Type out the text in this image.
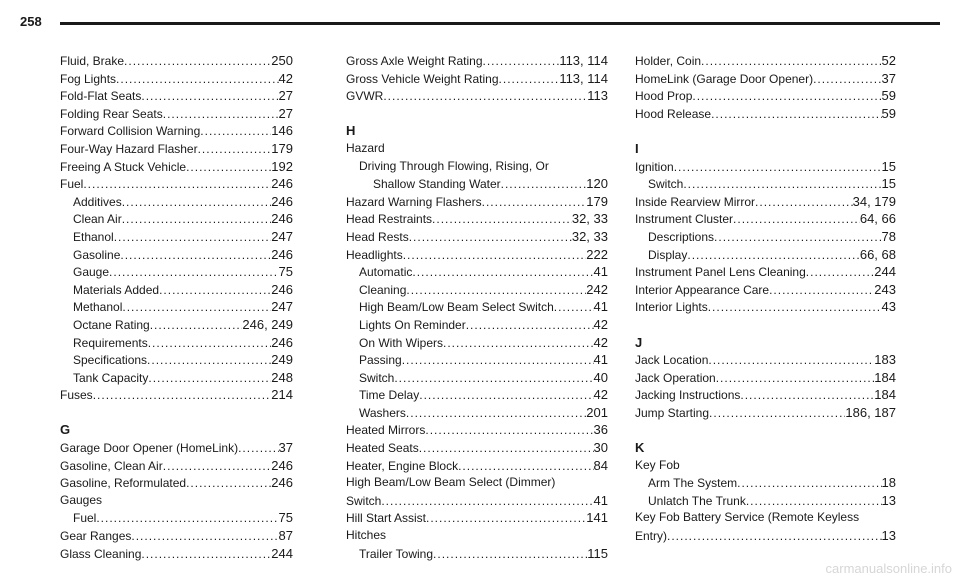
258
Fluid, Brake .....	250
Fog Lights .....	42
Fold-Flat Seats .....	27
Folding Rear Seats .....	27
Forward Collision Warning .....	146
Four-Way Hazard Flasher .....	179
Freeing A Stuck Vehicle .....	192
Fuel .....	246
Additives .....	246
Clean Air .....	246
Ethanol .....	247
Gasoline .....	246
Gauge .....	75
Materials Added .....	246
Methanol .....	247
Octane Rating .....	246, 249
Requirements .....	246
Specifications .....	249
Tank Capacity .....	248
Fuses .....	214
G
Garage Door Opener (HomeLink) .....	37
Gasoline, Clean Air .....	246
Gasoline, Reformulated .....	246
Gauges
Fuel .....	75
Gear Ranges .....	87
Glass Cleaning .....	244
Gross Axle Weight Rating .....	113, 114
Gross Vehicle Weight Rating .....	113, 114
GVWR .....	113
H
Hazard
Driving Through Flowing, Rising, Or
Shallow Standing Water .....	120
Hazard Warning Flashers .....	179
Head Restraints .....	32, 33
Head Rests .....	32, 33
Headlights .....	222
Automatic .....	41
Cleaning .....	242
High Beam/Low Beam Select Switch .....	41
Lights On Reminder .....	42
On With Wipers .....	42
Passing .....	41
Switch .....	40
Time Delay .....	42
Washers .....	201
Heated Mirrors .....	36
Heated Seats .....	30
Heater, Engine Block .....	84
High Beam/Low Beam Select (Dimmer)
Switch .....	41
Hill Start Assist .....	141
Hitches
Trailer Towing .....	115
Holder, Coin .....	52
HomeLink (Garage Door Opener) .....	37
Hood Prop .....	59
Hood Release .....	59
I
Ignition .....	15
Switch .....	15
Inside Rearview Mirror .....	34, 179
Instrument Cluster .....	64, 66
Descriptions .....	78
Display .....	66, 68
Instrument Panel Lens Cleaning .....	244
Interior Appearance Care .....	243
Interior Lights .....	43
J
Jack Location .....	183
Jack Operation .....	184
Jacking Instructions .....	184
Jump Starting .....	186, 187
K
Key Fob
Arm The System .....	18
Unlatch The Trunk .....	13
Key Fob Battery Service (Remote Keyless
Entry) .....	13
carmanualsonline.info
